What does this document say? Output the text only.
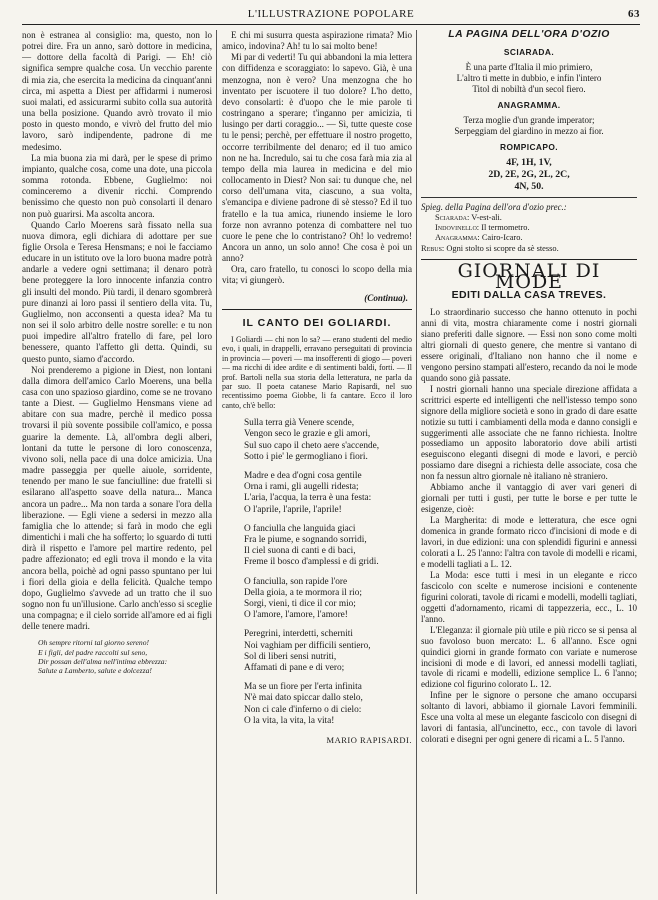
L'ILLUSTRAZIONE POPOLARE	63

non è estranea al consiglio: ma, questo, non lo potrei dire. Fra un anno, sarò dottore in medicina, — dottore della facoltà di Parigi. — Eh! ciò significa sempre qualche cosa. Un vecchio parente di mia zia, che esercita la medicina da cinquant'anni circa, mi aspetta a Diest per affidarmi i numerosi suoi malati, ed assicurarmi subito colla sua autorità una bella posizione. Quando avrò trovato il mio posto in questo mondo, e vivrò del frutto del mio lavoro, sarò indipendente, padrone di me medesimo.

La mia buona zia mi darà, per le spese di primo impianto, qualche cosa, come una dote, una piccola somma rotonda. Ebbene, Guglielmo: noi cominceremo a divenir ricchi. Comprendo benissimo che questo non può consolarti il denaro non può guarirsi. Ma ascolta ancora.

Quando Carlo Moerens sarà fissato nella sua nuova dimora, egli dichiara di adottare per sue figlie Orsola e Teresa Hensmans; e noi le facciamo educare in un istituto ove la loro buona madre potrà andarle a vedere ogni settimana; il denaro potrà bene proteggere la loro innocente infanzia contro gli insulti del mondo. Più tardi, il denaro sgombrerà pure dinanzi ai loro passi il sentiero della vita. Tu, Guglielmo, non acconsenti a questa idea? Ma tu non sei il solo arbitro delle nostre sorelle: e tu non puoi impedire all'altro fratello di fare, pel loro benessere, quanto l'affetto gli detta. Quindi, su questo punto, siamo d'accordo.

Noi prenderemo a pigione in Diest, non lontani dalla dimora dell'amico Carlo Moerens, una bella casa con uno spazioso giardino, come se ne trovano tante a Diest. — Guglielmo Hensmans viene ad abitare con sua madre, perchè il medico possa trovarsi il più sovente possibile coll'amico, e possa guarire la demente. Là, all'ombra degli alberi, lontani da tutte le persone di loro conoscenza, vivono soli, nella pace di una dolce amicizia. Una madre passeggia per quelle aiuole, sorridente, tenendo per mano le sue fanciulline: due fratelli si esilarano all'aspetto soave della natura... Manca ancora un padre... Ma non tarda a sonare l'ora della liberazione. — Egli viene a sedersi in mezzo alla famiglia che lo attende; si farà in modo che egli dimentichi i mali che ha sofferto; lo sguardo di tutti dirà il rispetto e l'amore pel martire redento, pel padre affezionato; ed egli trova il mondo e la vita ancora bella, poichè ad ogni passo spuntano per lui i fiori della gioia e della felicità. Qualche tempo dopo, Guglielmo s'avvede ad un tratto che il suo sogno non fu un'illusione. Carlo anch'esso si sceglie una compagna; e il cielo sorride all'amore ed ai figli delle tenere madri.

Oh sempre ritorni tal giorno sereno!
E i figli, del padre raccolti sul seno,
Dir possan dell'alma nell'intima ebbrezza:
Salute a Lamberto, salute e dolcezza!

E chi mi susurra questa aspirazione rimata? Mio amico, indovina? Ah! tu lo sai molto bene!

Mi par di vederti! Tu qui abbandoni la mia lettera con diffidenza e scoraggiato: lo sapevo. Già, è una menzogna, non è vero? Una menzogna che ho inventato per iscuotere il tuo dolore? L'ho detto, devo consolarti: è d'uopo che le mie parole ti costringano a sperare; t'inganno per amicizia, ti lusingo per darti coraggio... — Sì, tutte queste cose tu le pensi; perchè, per effettuare il nostro progetto, occorre terribilmente del denaro; ed il tuo amico non ne ha. Incredulo, sai tu che cosa farà mia zia al tempo della mia laurea in medicina e del mio collocamento in Diest? Non sai: tu dunque che, nel corso dell'umana vita, ciascuno, a sua volta, s'emancipa e diviene padrone di sè stesso? Ed il tuo fratello e la tua amica, riunendo insieme le loro forze non avranno potenza di combattere nel tuo cuore le pene che lo contristano? Oh! lo vedremo! Ancora un anno, un solo anno! Che cosa è poi un anno?

Ora, caro fratello, tu conosci lo scopo della mia vita; vi giungerò.

(Continua).
IL CANTO DEI GOLIARDI.

I Goliardi — chi non lo sa? — erano studenti del medio evo, i quali, in drappelli, erravano perseguitati di provincia in provincia — poveri — ma insofferenti di giogo — poveri — ma ricchi di idee ardite e di sentimenti baldi, forti. — Il prof. Bartoli nella sua storia della letteratura, ne parla da par suo. Il poeta catanese Mario Rapisardi, nel suo recentissimo poema Giobbe, li fa cantare. Ecco il loro canto, ch'è bello:

Sulla terra già Venere scende,
Vengon seco le grazie e gli amori,
Sul suo capo il cheto aere s'accende,
Sotto i pie' le germogliano i fiori.
Madre e dea d'ogni cosa gentile
Orna i rami, gli augelli ridesta;
L'aria, l'acqua, la terra è una festa:
O l'aprile, l'aprile, l'aprile!
O fanciulla che languida giaci
Fra le piume, e sognando sorridi,
Il ciel suona di canti e di baci,
Freme il bosco d'amplessi e di gridi.
O fanciulla, son rapide l'ore
Della gioia, a te mormora il rio;
Sorgi, vieni, ti dice il cor mio;
O l'amore, l'amore, l'amore!
Peregrini, interdetti, scherniti
Noi vaghiam per difficili sentiero,
Sol di liberi sensi nutriti,
Affamati di pane e di vero;
Ma se un fiore per l'erta infinita
N'è mai dato spiccar dallo stelo,
Non ci cale d'inferno o di cielo:
O la vita, la vita, la vita!
MARIO RAPISARDI.
LA PAGINA DELL'ORA D'OZIO
SCIARADA.
È una parte d'Italia il mio primiero,
L'altro ti mette in dubbio, e infin l'intero
Titol di nobiltà d'un secol fiero.
ANAGRAMMA.
Terza moglie d'un grande imperator;
Serpeggiam del giardino in mezzo ai fior.
ROMPICAPO.
4F, 1H, 1V,
2D, 2E, 2G, 2L, 2C,
4N, 50.
Spieg. della Pagina dell'ora d'ozio prec.:
Sciarada: V-est-ali.
Indovinello: Il termometro.
Anagramma: Cairo-Icaro.
Rebus: Ogni stolto si scopre da sè stesso.
GIORNALI DI MODE
EDITI DALLA CASA TREVES.

Lo straordinario successo che hanno ottenuto in pochi anni di vita, mostra chiaramente come i nostri giornali siano preferiti dalle signore. — Essi non sono come molti altri giornali di questo genere, che mentre si vantano di essere originali, d'Italiano non hanno che il nome e vengono persino stampati all'estero, recando da noi le mode quando sono già passate.

I nostri giornali hanno una speciale direzione affidata a scrittrici esperte ed intelligenti che nell'istesso tempo sono signore della migliore società e sono in grado di dare esatte notizie su tutti i cambiamenti della moda e danno consigli e suggerimenti alle associate che ne fanno richiesta. Inoltre possediamo un apposito laboratorio dove abili artisti eseguiscono eleganti disegni di mode e lavori, e perciò possiamo dare disegni a richiesta delle associate, cosa che non fa nessun altro giornale nè italiano nè straniero.

Abbiamo anche il vantaggio di aver vari generi di giornali per tutti i gusti, per tutte le borse e per tutte le esigenze, cioè:

La Margherita: di mode e letteratura, che esce ogni domenica in grande formato ricco d'incisioni di mode e di lavori, in due edizioni: una con splendidi figurini e annessi colorati a L. 25 l'anno: l'altra con tavole di modelli e ricami, e modelli tagliati a L. 12.

La Moda: esce tutti i mesi in un elegante e ricco fascicolo con scelte e numerose incisioni e contenente figurini colorati, tavole di ricami e modelli, modelli tagliati, oggetti d'adornamento, ricami di tappezzeria, ecc., L. 10 l'anno.

L'Eleganza: il giornale più utile e più ricco se si pensa al suo favoloso buon mercato: L. 6 all'anno. Esce ogni quindici giorni in grande formato con variate e numerose incisioni di mode e di lavori, ed annessi modelli tagliati, tavole di ricami e modelli, edizione semplice L. 6 l'anno; edizione col figurino colorato L. 12.

Infine per le signore o persone che amano occuparsi soltanto di lavori, abbiamo il giornale Lavori femminili. Esce una volta al mese un elegante fascicolo con disegni di lavori di fantasia, all'uncinetto, ecc., con tavole di lavori colorati e disegni per ogni genere di ricami a L. 5 l'anno.
